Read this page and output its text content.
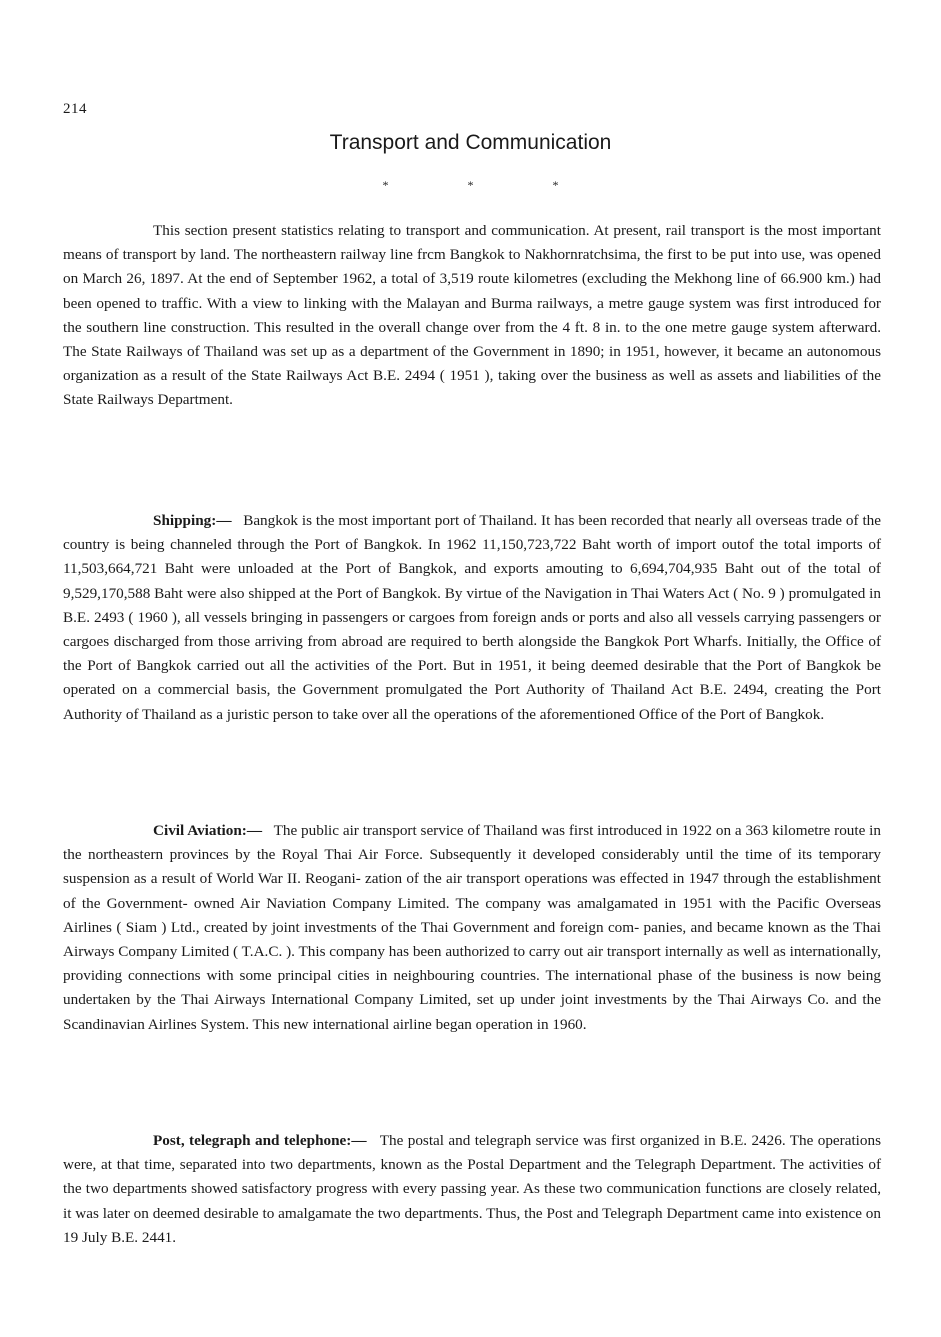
214
Transport and Communication
*	*	*

This section present statistics relating to transport and communication. At present, rail transport is the most important means of transport by land. The northeastern railway line frcm Bangkok to Nakhornratchsima, the first to be put into use, was opened on March 26, 1897. At the end of September 1962, a total of 3,519 route kilometres (excluding the Mekhong line of 66.900 km.) had been opened to traffic. With a view to linking with the Malayan and Burma railways, a metre gauge system was first introduced for the southern line construction. This resulted in the overall change over from the 4 ft. 8 in. to the one metre gauge system afterward. The State Railways of Thailand was set up as a department of the Government in 1890; in 1951, however, it became an autonomous organization as a result of the State Railways Act B.E. 2494 ( 1951 ), taking over the business as well as assets and liabilities of the State Railways Department.

Shipping:— Bangkok is the most important port of Thailand. It has been recorded that nearly all overseas trade of the country is being channeled through the Port of Bangkok. In 1962 11,150,723,722 Baht worth of import outof the total imports of 11,503,664,721 Baht were unloaded at the Port of Bangkok, and exports amouting to 6,694,704,935 Baht out of the total of 9,529,170,588 Baht were also shipped at the Port of Bangkok. By virtue of the Navigation in Thai Waters Act ( No. 9 ) promulgated in B.E. 2493 ( 1960 ), all vessels bringing in passengers or cargoes from foreign ands or ports and also all vessels carrying passengers or cargoes discharged from those arriving from abroad are required to berth alongside the Bangkok Port Wharfs. Initially, the Office of the Port of Bangkok carried out all the activities of the Port. But in 1951, it being deemed desirable that the Port of Bangkok be operated on a commercial basis, the Government promulgated the Port Authority of Thailand Act B.E. 2494, creating the Port Authority of Thailand as a juristic person to take over all the operations of the aforementioned Office of the Port of Bangkok.

Civil Aviation:— The public air transport service of Thailand was first introduced in 1922 on a 363 kilometre route in the northeastern provinces by the Royal Thai Air Force. Subsequently it developed considerably until the time of its temporary suspension as a result of World War II. Reogani- zation of the air transport operations was effected in 1947 through the establishment of the Government- owned Air Naviation Company Limited. The company was amalgamated in 1951 with the Pacific Overseas Airlines ( Siam ) Ltd., created by joint investments of the Thai Government and foreign com- panies, and became known as the Thai Airways Company Limited ( T.A.C. ). This company has been authorized to carry out air transport internally as well as internationally, providing connections with some principal cities in neighbouring countries. The international phase of the business is now being undertaken by the Thai Airways International Company Limited, set up under joint investments by the Thai Airways Co. and the Scandinavian Airlines System. This new international airline began operation in 1960.

Post, telegraph and telephone:— The postal and telegraph service was first organized in B.E. 2426. The operations were, at that time, separated into two departments, known as the Postal Department and the Telegraph Department. The activities of the two departments showed satisfactory progress with every passing year. As these two communication functions are closely related, it was later on deemed desirable to amalgamate the two departments. Thus, the Post and Telegraph Department came into existence on 19 July B.E. 2441.
